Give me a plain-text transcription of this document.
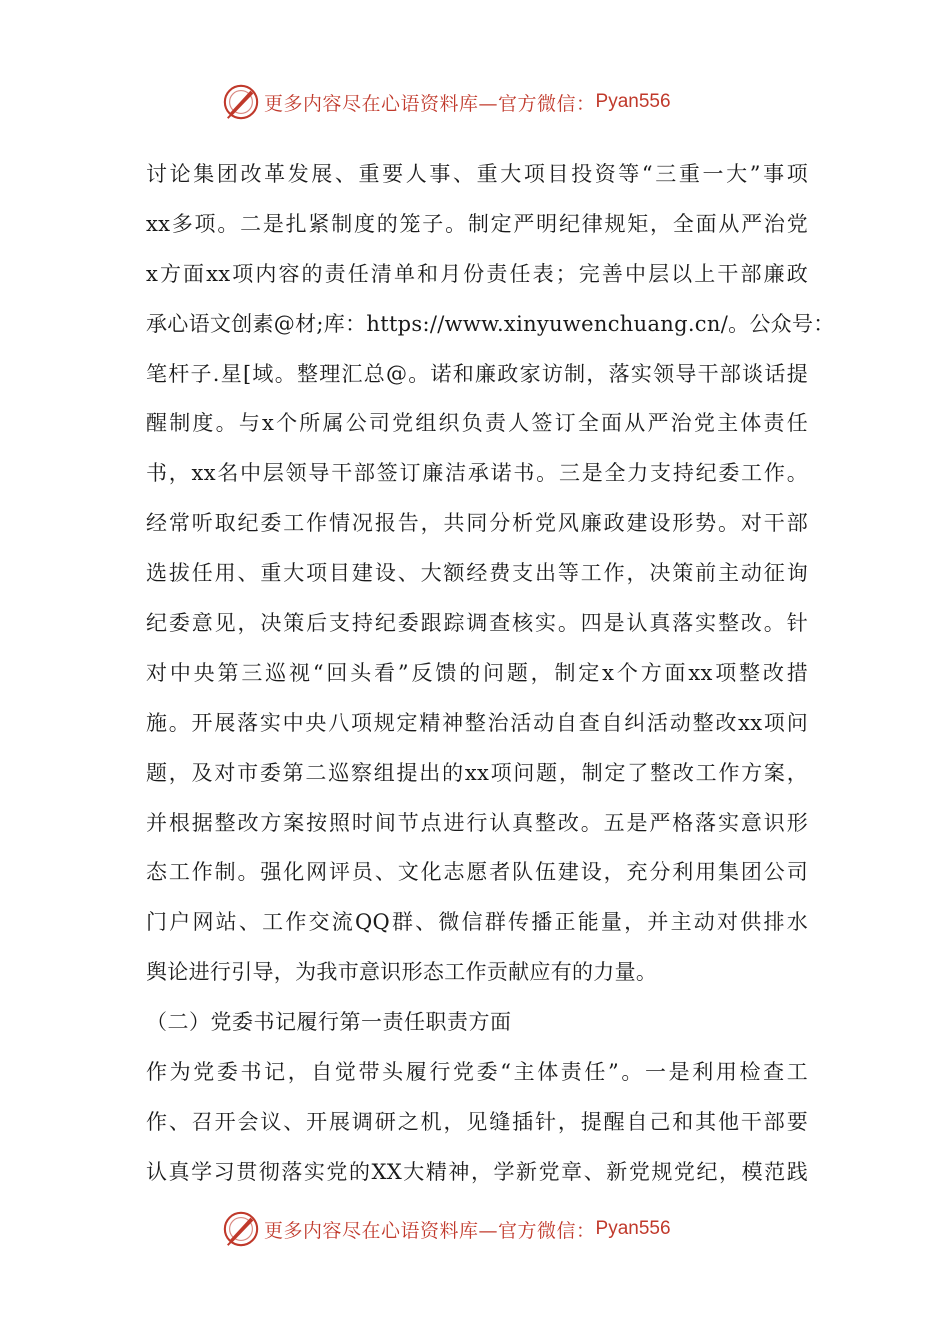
更多内容尽在心语资料库—官方微信： Pyan556
讨论集团改革发展、重要人事、重大项目投资等“三重一大”事项
xx多项。二是扎紧制度的笼子。制定严明纪律规矩，全面从严治党
x方面xx项内容的责任清单和月份责任表；完善中层以上干部廉政
承心语文创素@材;库：https://www.xinyuwenchuang.cn/。公众号：
笔杆子.星[域。整理汇总@。诺和廉政家访制，落实领导干部谈话提
醒制度。与x个所属公司党组织负责人签订全面从严治党主体责任
书，xx名中层领导干部签订廉洁承诺书。三是全力支持纪委工作。
经常听取纪委工作情况报告，共同分析党风廉政建设形势。对干部
选拔任用、重大项目建设、大额经费支出等工作，决策前主动征询
纪委意见，决策后支持纪委跟踪调查核实。四是认真落实整改。针
对中央第三巡视“回头看”反馈的问题，制定x个方面xx项整改措
施。开展落实中央八项规定精神整治活动自查自纠活动整改xx项问
题，及对市委第二巡察组提出的xx项问题，制定了整改工作方案，
并根据整改方案按照时间节点进行认真整改。五是严格落实意识形
态工作制。强化网评员、文化志愿者队伍建设，充分利用集团公司
门户网站、工作交流QQ群、微信群传播正能量，并主动对供排水
舆论进行引导，为我市意识形态工作贡献应有的力量。
（二）党委书记履行第一责任职责方面
作为党委书记，自觉带头履行党委“主体责任”。一是利用检查工
作、召开会议、开展调研之机，见缝插针，提醒自己和其他干部要
认真学习贯彻落实党的XX大精神，学新党章、新党规党纪，模范践
更多内容尽在心语资料库—官方微信： Pyan556
